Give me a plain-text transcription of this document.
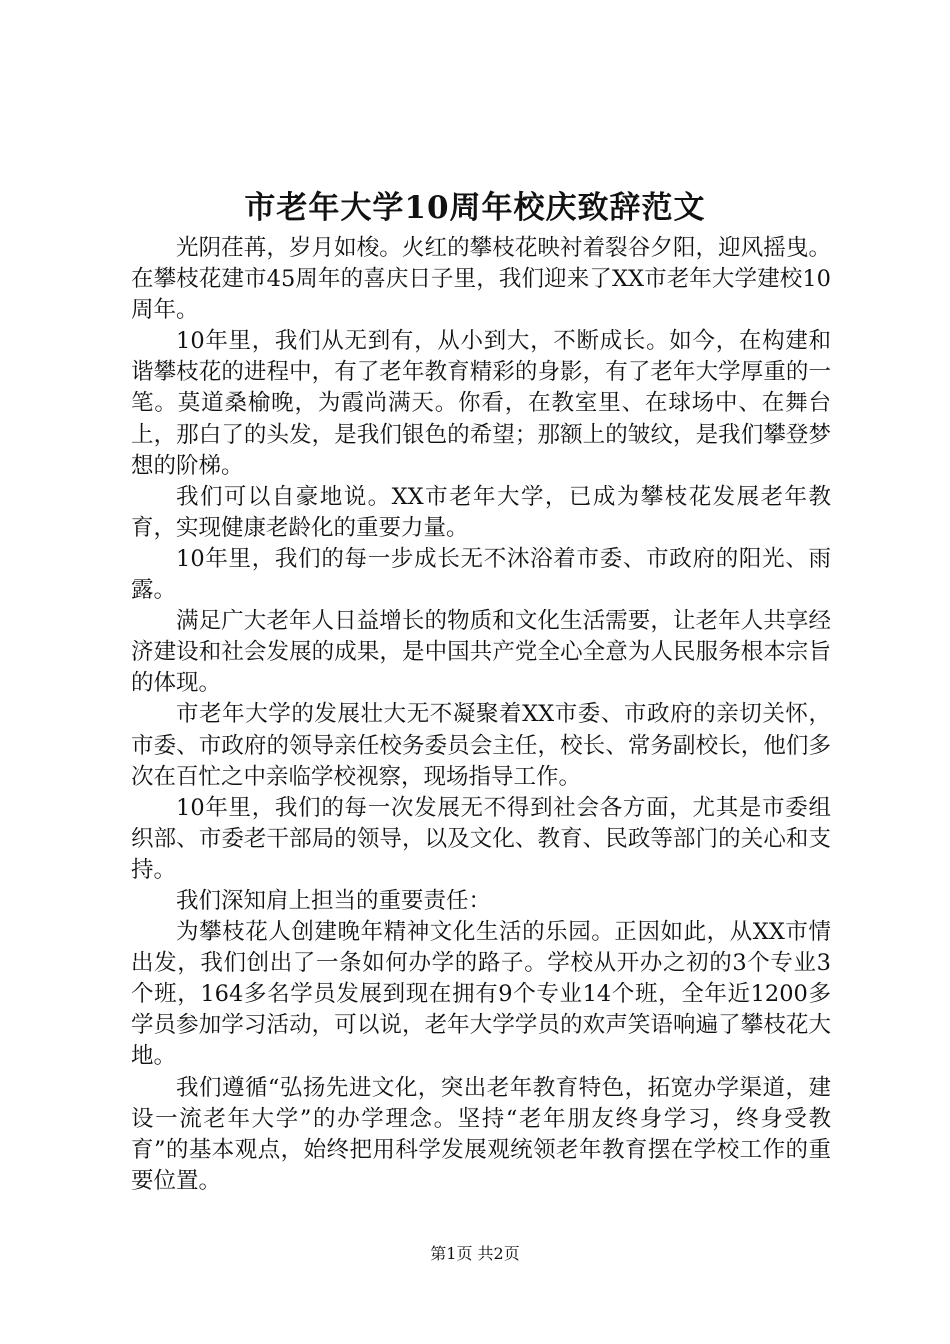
市老年大学10周年校庆致辞范文

光阴荏苒，岁月如梭。火红的攀枝花映衬着裂谷夕阳，迎风摇曳。在攀枝花建市45周年的喜庆日子里，我们迎来了XX市老年大学建校10周年。

10年里，我们从无到有，从小到大，不断成长。如今，在构建和谐攀枝花的进程中，有了老年教育精彩的身影，有了老年大学厚重的一笔。莫道桑榆晚，为霞尚满天。你看，在教室里、在球场中、在舞台上，那白了的头发，是我们银色的希望；那额上的皱纹，是我们攀登梦想的阶梯。

我们可以自豪地说。XX市老年大学，已成为攀枝花发展老年教育，实现健康老龄化的重要力量。

10年里，我们的每一步成长无不沐浴着市委、市政府的阳光、雨露。

满足广大老年人日益增长的物质和文化生活需要，让老年人共享经济建设和社会发展的成果，是中国共产党全心全意为人民服务根本宗旨的体现。

市老年大学的发展壮大无不凝聚着XX市委、市政府的亲切关怀，市委、市政府的领导亲任校务委员会主任，校长、常务副校长，他们多次在百忙之中亲临学校视察，现场指导工作。

10年里，我们的每一次发展无不得到社会各方面，尤其是市委组织部、市委老干部局的领导，以及文化、教育、民政等部门的关心和支持。

我们深知肩上担当的重要责任：

为攀枝花人创建晚年精神文化生活的乐园。正因如此，从XX市情出发，我们创出了一条如何办学的路子。学校从开办之初的3个专业3个班，164多名学员发展到现在拥有9个专业14个班，全年近1200多学员参加学习活动，可以说，老年大学学员的欢声笑语响遍了攀枝花大地。

我们遵循“弘扬先进文化，突出老年教育特色，拓宽办学渠道，建设一流老年大学”的办学理念。坚持“老年朋友终身学习，终身受教育”的基本观点，始终把用科学发展观统领老年教育摆在学校工作的重要位置。

第1页 共2页
